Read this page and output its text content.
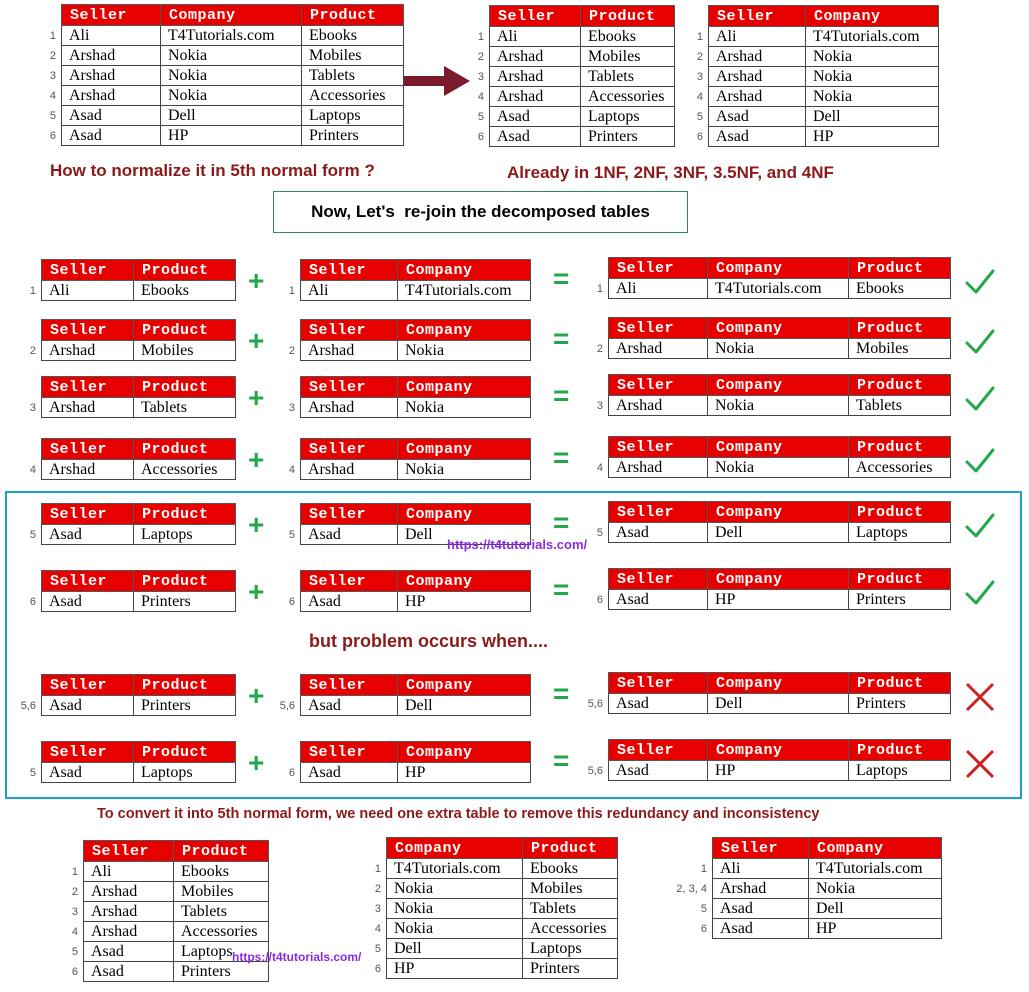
	Seller	Company	Product
1	Ali	T4Tutorials.com	Ebooks
2	Arshad	Nokia	Mobiles
3	Arshad	Nokia	Tablets
4	Arshad	Nokia	Accessories
5	Asad	Dell	Laptops
6	Asad	HP	Printers
	Seller	Product
1	Ali	Ebooks
2	Arshad	Mobiles
3	Arshad	Tablets
4	Arshad	Accessories
5	Asad	Laptops
6	Asad	Printers
	Seller	Company
1	Ali	T4Tutorials.com
2	Arshad	Nokia
3	Arshad	Nokia
4	Arshad	Nokia
5	Asad	Dell
6	Asad	HP
How to normalize it in 5th normal form ?	Already in 1NF, 2NF, 3NF, 3.5NF, and 4NF
Now, Let's  re-join the decomposed tables
	Seller	Product
1	Ali	Ebooks +
		Seller	Company
1	Ali	T4Tutorials.com =
		Seller	Company	Product
1	Ali	T4Tutorials.com	Ebooks
	Seller	Product
2	Arshad	Mobiles +
		Seller	Company
2	Arshad	Nokia	=
		Seller	Company	Product
2	Arshad	Nokia	Mobiles
	Seller	Product
3	Arshad	Tablets +
		Seller	Company
3	Arshad	Nokia	=
		Seller	Company	Product
3	Arshad	Nokia	Tablets
	Seller	Product
4	Arshad	Accessories +
		Seller	Company
4	Arshad	Nokia	=
		Seller	Company	Product
4	Arshad	Nokia	Accessories
	Seller	Product
5	Asad	Laptops +
		Seller	Company
5	Asad	Dell	=
		Seller	Company	Product
5	Asad	Dell	Laptops
	Seller	Product
6	Asad	Printers +
		Seller	Company
6	Asad	HP	=
		Seller	Company	Product
6	Asad	HP	Printers
	Seller	Product
5,6	Asad	Printers +
		Seller	Company
5,6	Asad	Dell	=
		Seller	Company	Product
5,6	Asad	Dell	Printers
	Seller	Product
5	Asad	Laptops +
		Seller	Company
6	Asad	HP	=
		Seller	Company	Product
5,6	Asad	HP	Laptops
https://t4tutorials.com/
but problem occurs when....
To convert it into 5th normal form, we need one extra table to remove this redundancy and inconsistency
	Seller	Product
1	Ali	Ebooks
2	Arshad	Mobiles
3	Arshad	Tablets
4	Arshad	Accessories
5	Asad	Laptops
6	Asad	Printers
https://t4tutorials.com/
	Company	Product
1	T4Tutorials.com	Ebooks
2	Nokia	Mobiles
3	Nokia	Tablets
4	Nokia	Accessories
5	Dell	Laptops
6	HP	Printers
	Seller	Company
1	Ali	T4Tutorials.com
2, 3, 4	Arshad	Nokia
5	Asad	Dell
6	Asad	HP
